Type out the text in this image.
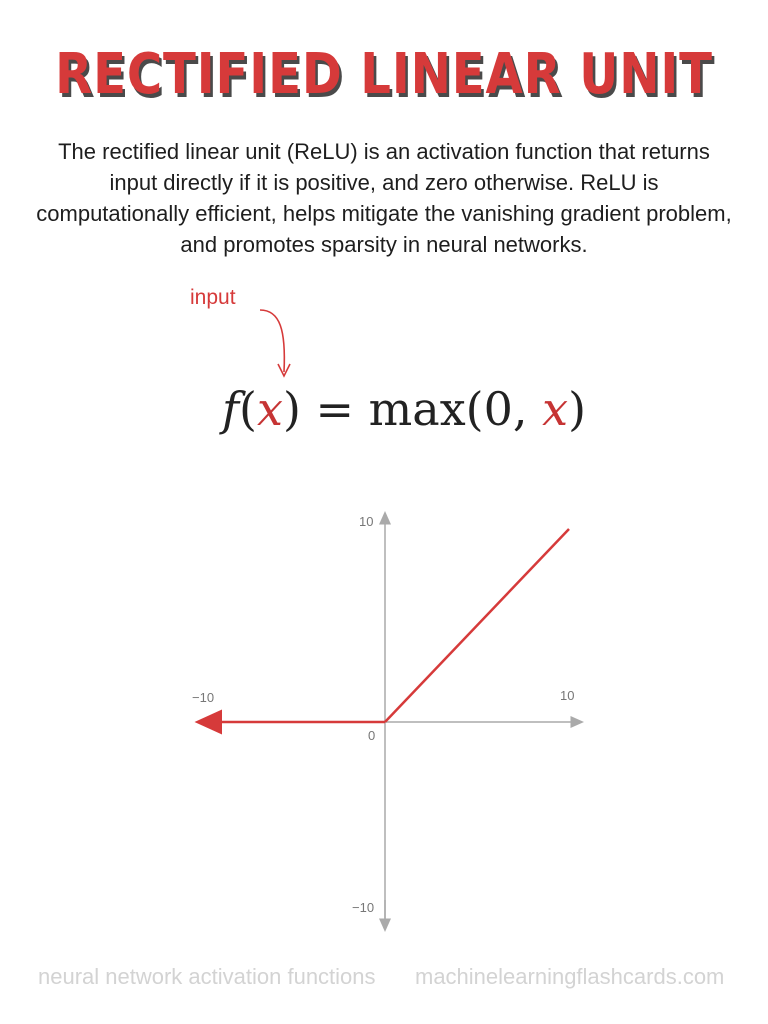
RECTIFIED LINEAR UNIT
The rectified linear unit (ReLU) is an activation function that returns input directly if it is positive, and zero otherwise. ReLU is computationally efficient, helps mitigate the vanishing gradient problem, and promotes sparsity in neural networks.
input
f(x) = max(0, x)
−10	10
10
−10
0
neural network activation functions machinelearningflashcards.com
